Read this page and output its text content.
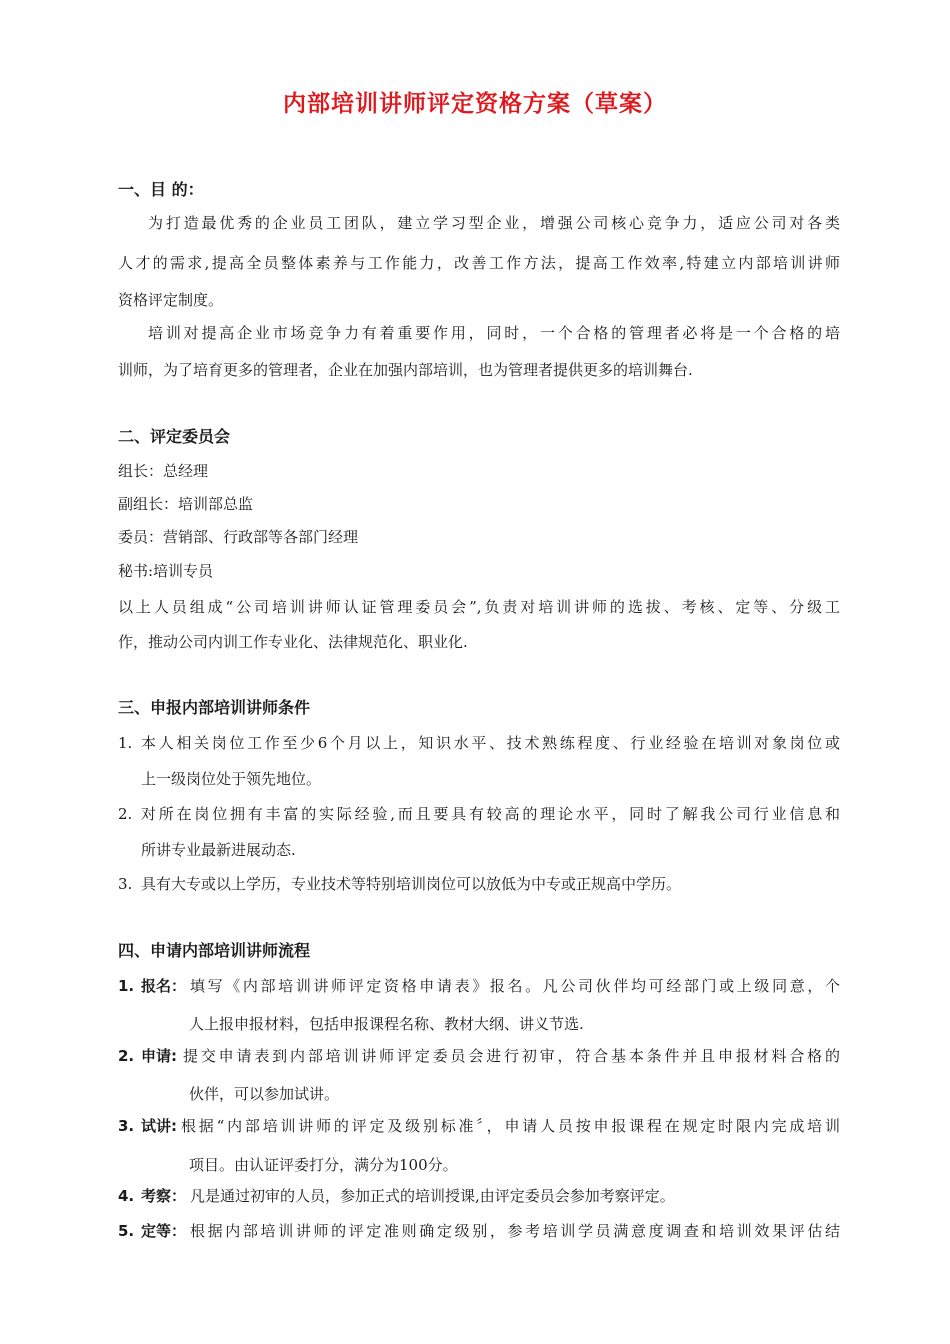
内部培训讲师评定资格方案（草案）
一、目 的：
为打造最优秀的企业员工团队，建立学习型企业，增强公司核心竞争力，适应公司对各类
人才的需求,提高全员整体素养与工作能力，改善工作方法，提高工作效率,特建立内部培训讲师
资格评定制度。
培训对提高企业市场竞争力有着重要作用，同时，一个合格的管理者必将是一个合格的培
训师，为了培育更多的管理者，企业在加强内部培训，也为管理者提供更多的培训舞台.
二、评定委员会
组长：总经理
副组长：培训部总监
委员：营销部、行政部等各部门经理
秘书:培训专员
以上人员组成“公司培训讲师认证管理委员会”,负责对培训讲师的选拔、考核、定等、分级工
作，推动公司内训工作专业化、法律规范化、职业化.
三、申报内部培训讲师条件
1. 本人相关岗位工作至少6个月以上，知识水平、技术熟练程度、行业经验在培训对象岗位或
上一级岗位处于领先地位。
2. 对所在岗位拥有丰富的实际经验,而且要具有较高的理论水平，同时了解我公司行业信息和
所讲专业最新进展动态.
3. 具有大专或以上学历，专业技术等特别培训岗位可以放低为中专或正规高中学历。
四、申请内部培训讲师流程
1. 报名： 填写《内部培训讲师评定资格申请表》报名。凡公司伙伴均可经部门或上级同意，个
人上报申报材料，包括申报课程名称、教材大纲、讲义节选.
2. 申请: 提交申请表到内部培训讲师评定委员会进行初审，符合基本条件并且申报材料合格的
伙伴，可以参加试讲。
3. 试讲: 根据“内部培训讲师的评定及级别标准〞，申请人员按申报课程在规定时限内完成培训
项目。由认证评委打分，满分为100分。
4. 考察： 凡是通过初审的人员，参加正式的培训授课,由评定委员会参加考察评定。
5. 定等： 根据内部培训讲师的评定准则确定级别，参考培训学员满意度调查和培训效果评估结
